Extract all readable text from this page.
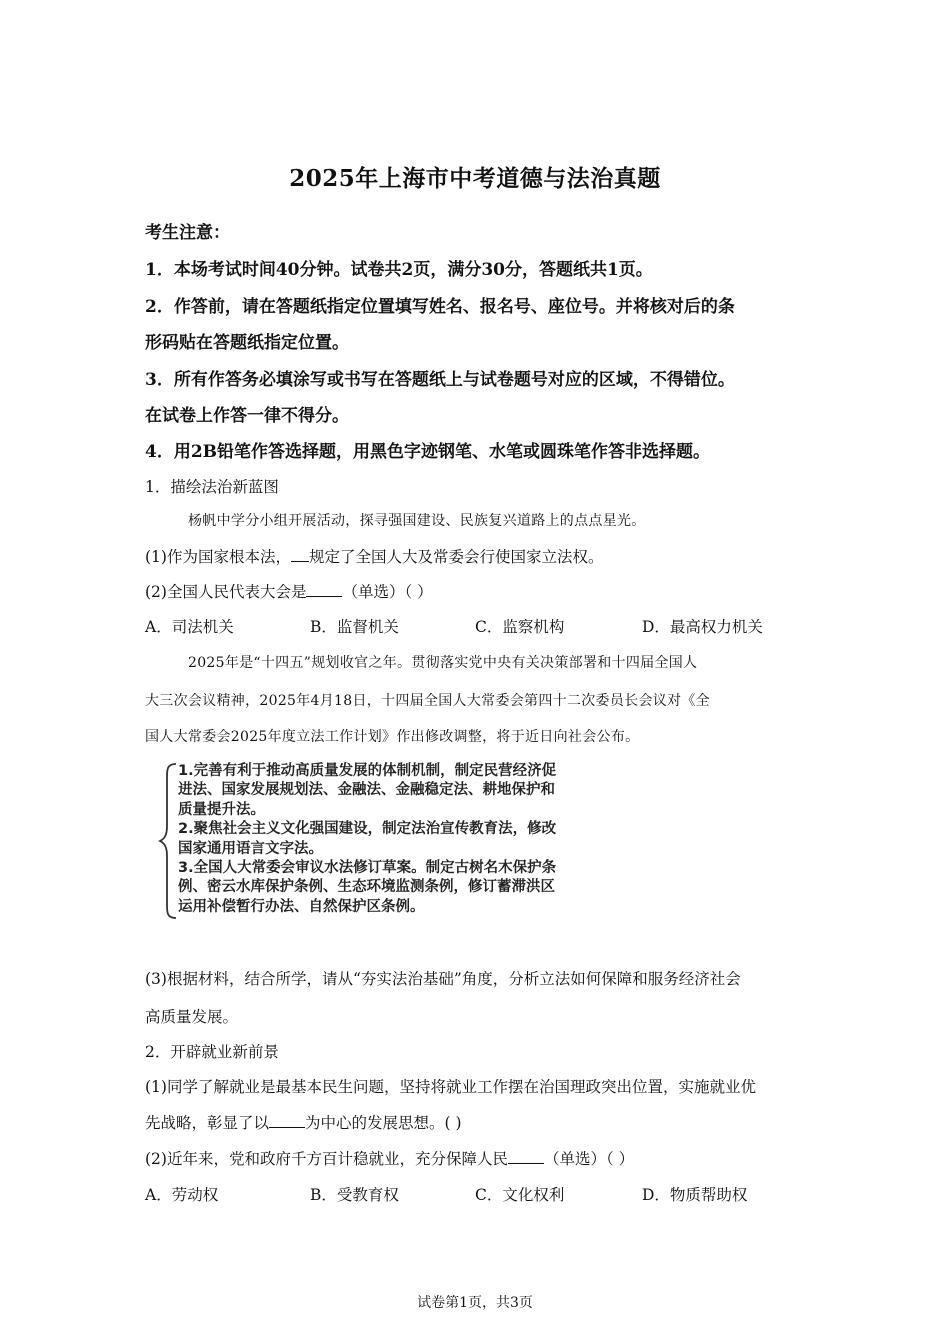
2025年上海市中考道德与法治真题
考生注意：
1．本场考试时间40分钟。试卷共2页，满分30分，答题纸共1页。
2．作答前，请在答题纸指定位置填写姓名、报名号、座位号。并将核对后的条
形码贴在答题纸指定位置。
3．所有作答务必填涂写或书写在答题纸上与试卷题号对应的区域，不得错位。
在试卷上作答一律不得分。
4．用2B铅笔作答选择题，用黑色字迹钢笔、水笔或圆珠笔作答非选择题。
1．描绘法治新蓝图
杨帆中学分小组开展活动，探寻强国建设、民族复兴道路上的点点星光。
(1)作为国家根本法， 规定了全国人大及常委会行使国家立法权。
(2)全国人民代表大会是 （单选）（ ）
A．司法机关	B．监督机关	C．监察机构	D．最高权力机关
2025年是“十四五”规划收官之年。贯彻落实党中央有关决策部署和十四届全国人
大三次会议精神，2025年4月18日，十四届全国人大常委会第四十二次委员长会议对《全
国人大常委会2025年度立法工作计划》作出修改调整，将于近日向社会公布。
1.完善有利于推动高质量发展的体制机制，制定民营经济促
进法、国家发展规划法、金融法、金融稳定法、耕地保护和
质量提升法。
2.聚焦社会主义文化强国建设，制定法治宣传教育法，修改
国家通用语言文字法。
3.全国人大常委会审议水法修订草案。制定古树名木保护条
例、密云水库保护条例、生态环境监测条例，修订蓄滞洪区
运用补偿暂行办法、自然保护区条例。
(3)根据材料，结合所学，请从“夯实法治基础”角度，分析立法如何保障和服务经济社会
高质量发展。
2．开辟就业新前景
(1)同学了解就业是最基本民生问题，坚持将就业工作摆在治国理政突出位置，实施就业优
先战略，彰显了以 为中心的发展思想。( )
(2)近年来，党和政府千方百计稳就业，充分保障人民 （单选）（ ）
A．劳动权	B．受教育权	C．文化权利	D．物质帮助权
试卷第1页，共3页
